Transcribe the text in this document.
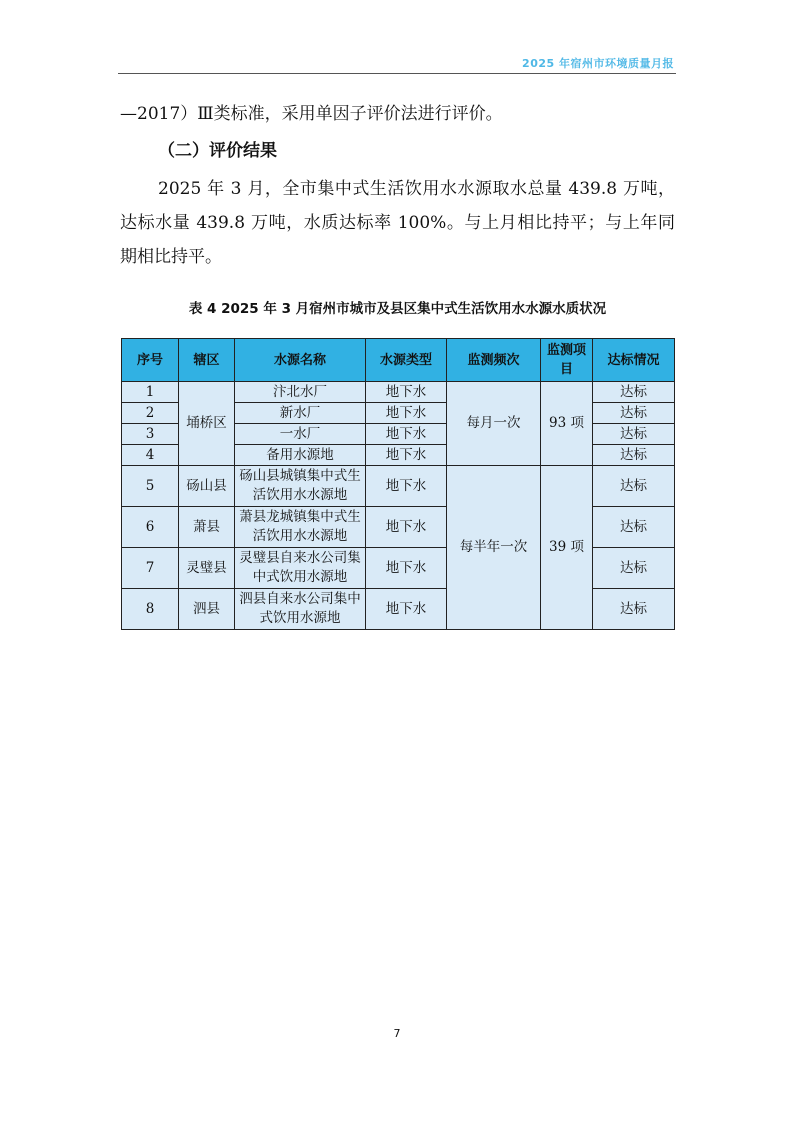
2025 年宿州市环境质量月报

—2017）Ⅲ类标准，采用单因子评价法进行评价。

（二）评价结果

2025 年 3 月，全市集中式生活饮用水水源取水总量 439.8 万吨，达标水量 439.8 万吨，水质达标率 100%。与上月相比持平；与上年同期相比持平。

表 4 2025 年 3 月宿州市城市及县区集中式生活饮用水水源水质状况

序号	辖区	水源名称	水源类型	监测频次	监测项目	达标情况
1	埇桥区	汴北水厂	地下水	每月一次	93 项	达标
2		新水厂	地下水			达标
3		一水厂	地下水			达标
4		备用水源地	地下水			达标
5	砀山县	砀山县城镇集中式生活饮用水水源地	地下水	每半年一次	39 项	达标
6	萧县	萧县龙城镇集中式生活饮用水水源地	地下水			达标
7	灵璧县	灵璧县自来水公司集中式饮用水源地	地下水			达标
8	泗县	泗县自来水公司集中式饮用水源地	地下水			达标
7
